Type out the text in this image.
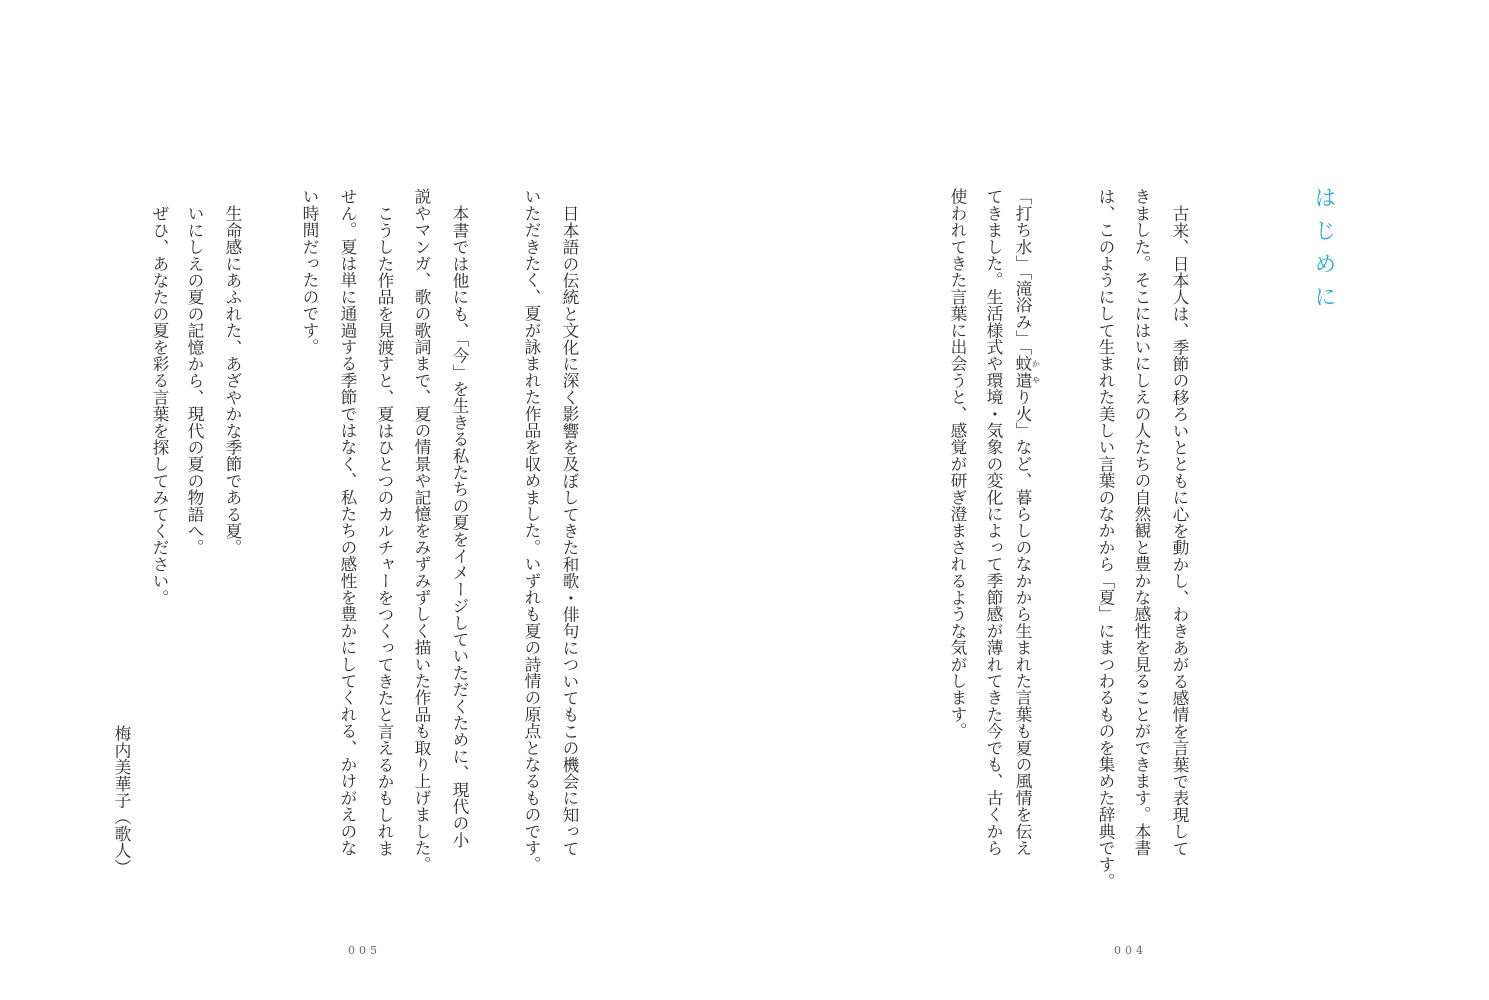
はじめに
古来、日本人は、季節の移ろいとともに心を動かし、わきあがる感情を言葉で表現して
きました。そこにはいにしえの人たちの自然観と豊かな感性を見ることができます。本書
は、このようにして生まれた美しい言葉のなかから「夏」にまつわるものを集めた辞典です。
「打ち水」「滝浴み」「蚊遣かやり火」など、暮らしのなかから生まれた言葉も夏の風情を伝え
てきました。生活様式や環境・気象の変化によって季節感が薄れてきた今でも、古くから
使われてきた言葉に出会うと、感覚が研ぎ澄まされるような気がします。
004
日本語の伝統と文化に深く影響を及ぼしてきた和歌・俳句についてもこの機会に知って
いただきたく、夏が詠まれた作品を収めました。いずれも夏の詩情の原点となるものです。
本書では他にも、「今」を生きる私たちの夏をイメージしていただくために、現代の小
説やマンガ、歌の歌詞まで、夏の情景や記憶をみずみずしく描いた作品も取り上げました。
こうした作品を見渡すと、夏はひとつのカルチャーをつくってきたと言えるかもしれま
せん。夏は単に通過する季節ではなく、私たちの感性を豊かにしてくれる、かけがえのな
い時間だったのです。
生命感にあふれた、あざやかな季節である夏。
いにしえの夏の記憶から、現代の夏の物語へ。
ぜひ、あなたの夏を彩る言葉を探してみてください。
梅内美華子（歌人）
005
